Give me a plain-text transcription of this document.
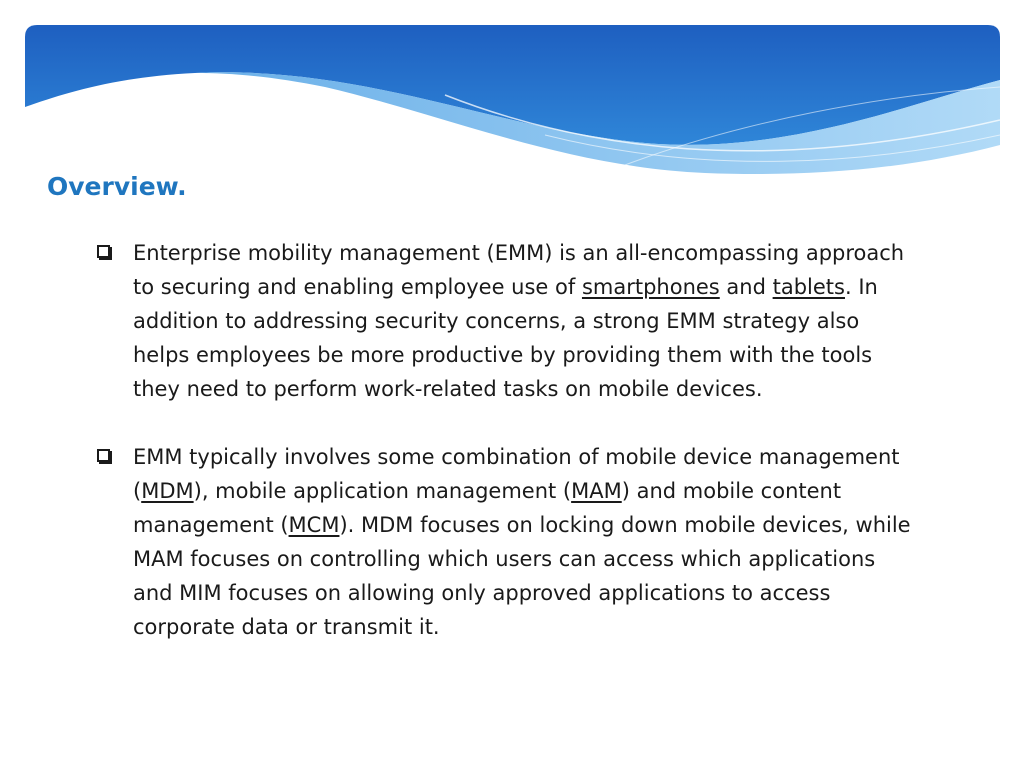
Overview.
Enterprise mobility management (EMM) is an all-encompassing approach to securing and enabling employee use of smartphones and tablets. In addition to addressing security concerns, a strong EMM strategy also helps employees be more productive by providing them with the tools they need to perform work-related tasks on mobile devices.
EMM typically involves some combination of mobile device management (MDM), mobile application management (MAM) and mobile content management (MCM). MDM focuses on locking down mobile devices, while MAM focuses on controlling which users can access which applications and MIM focuses on allowing only approved applications to access corporate data or transmit it.
